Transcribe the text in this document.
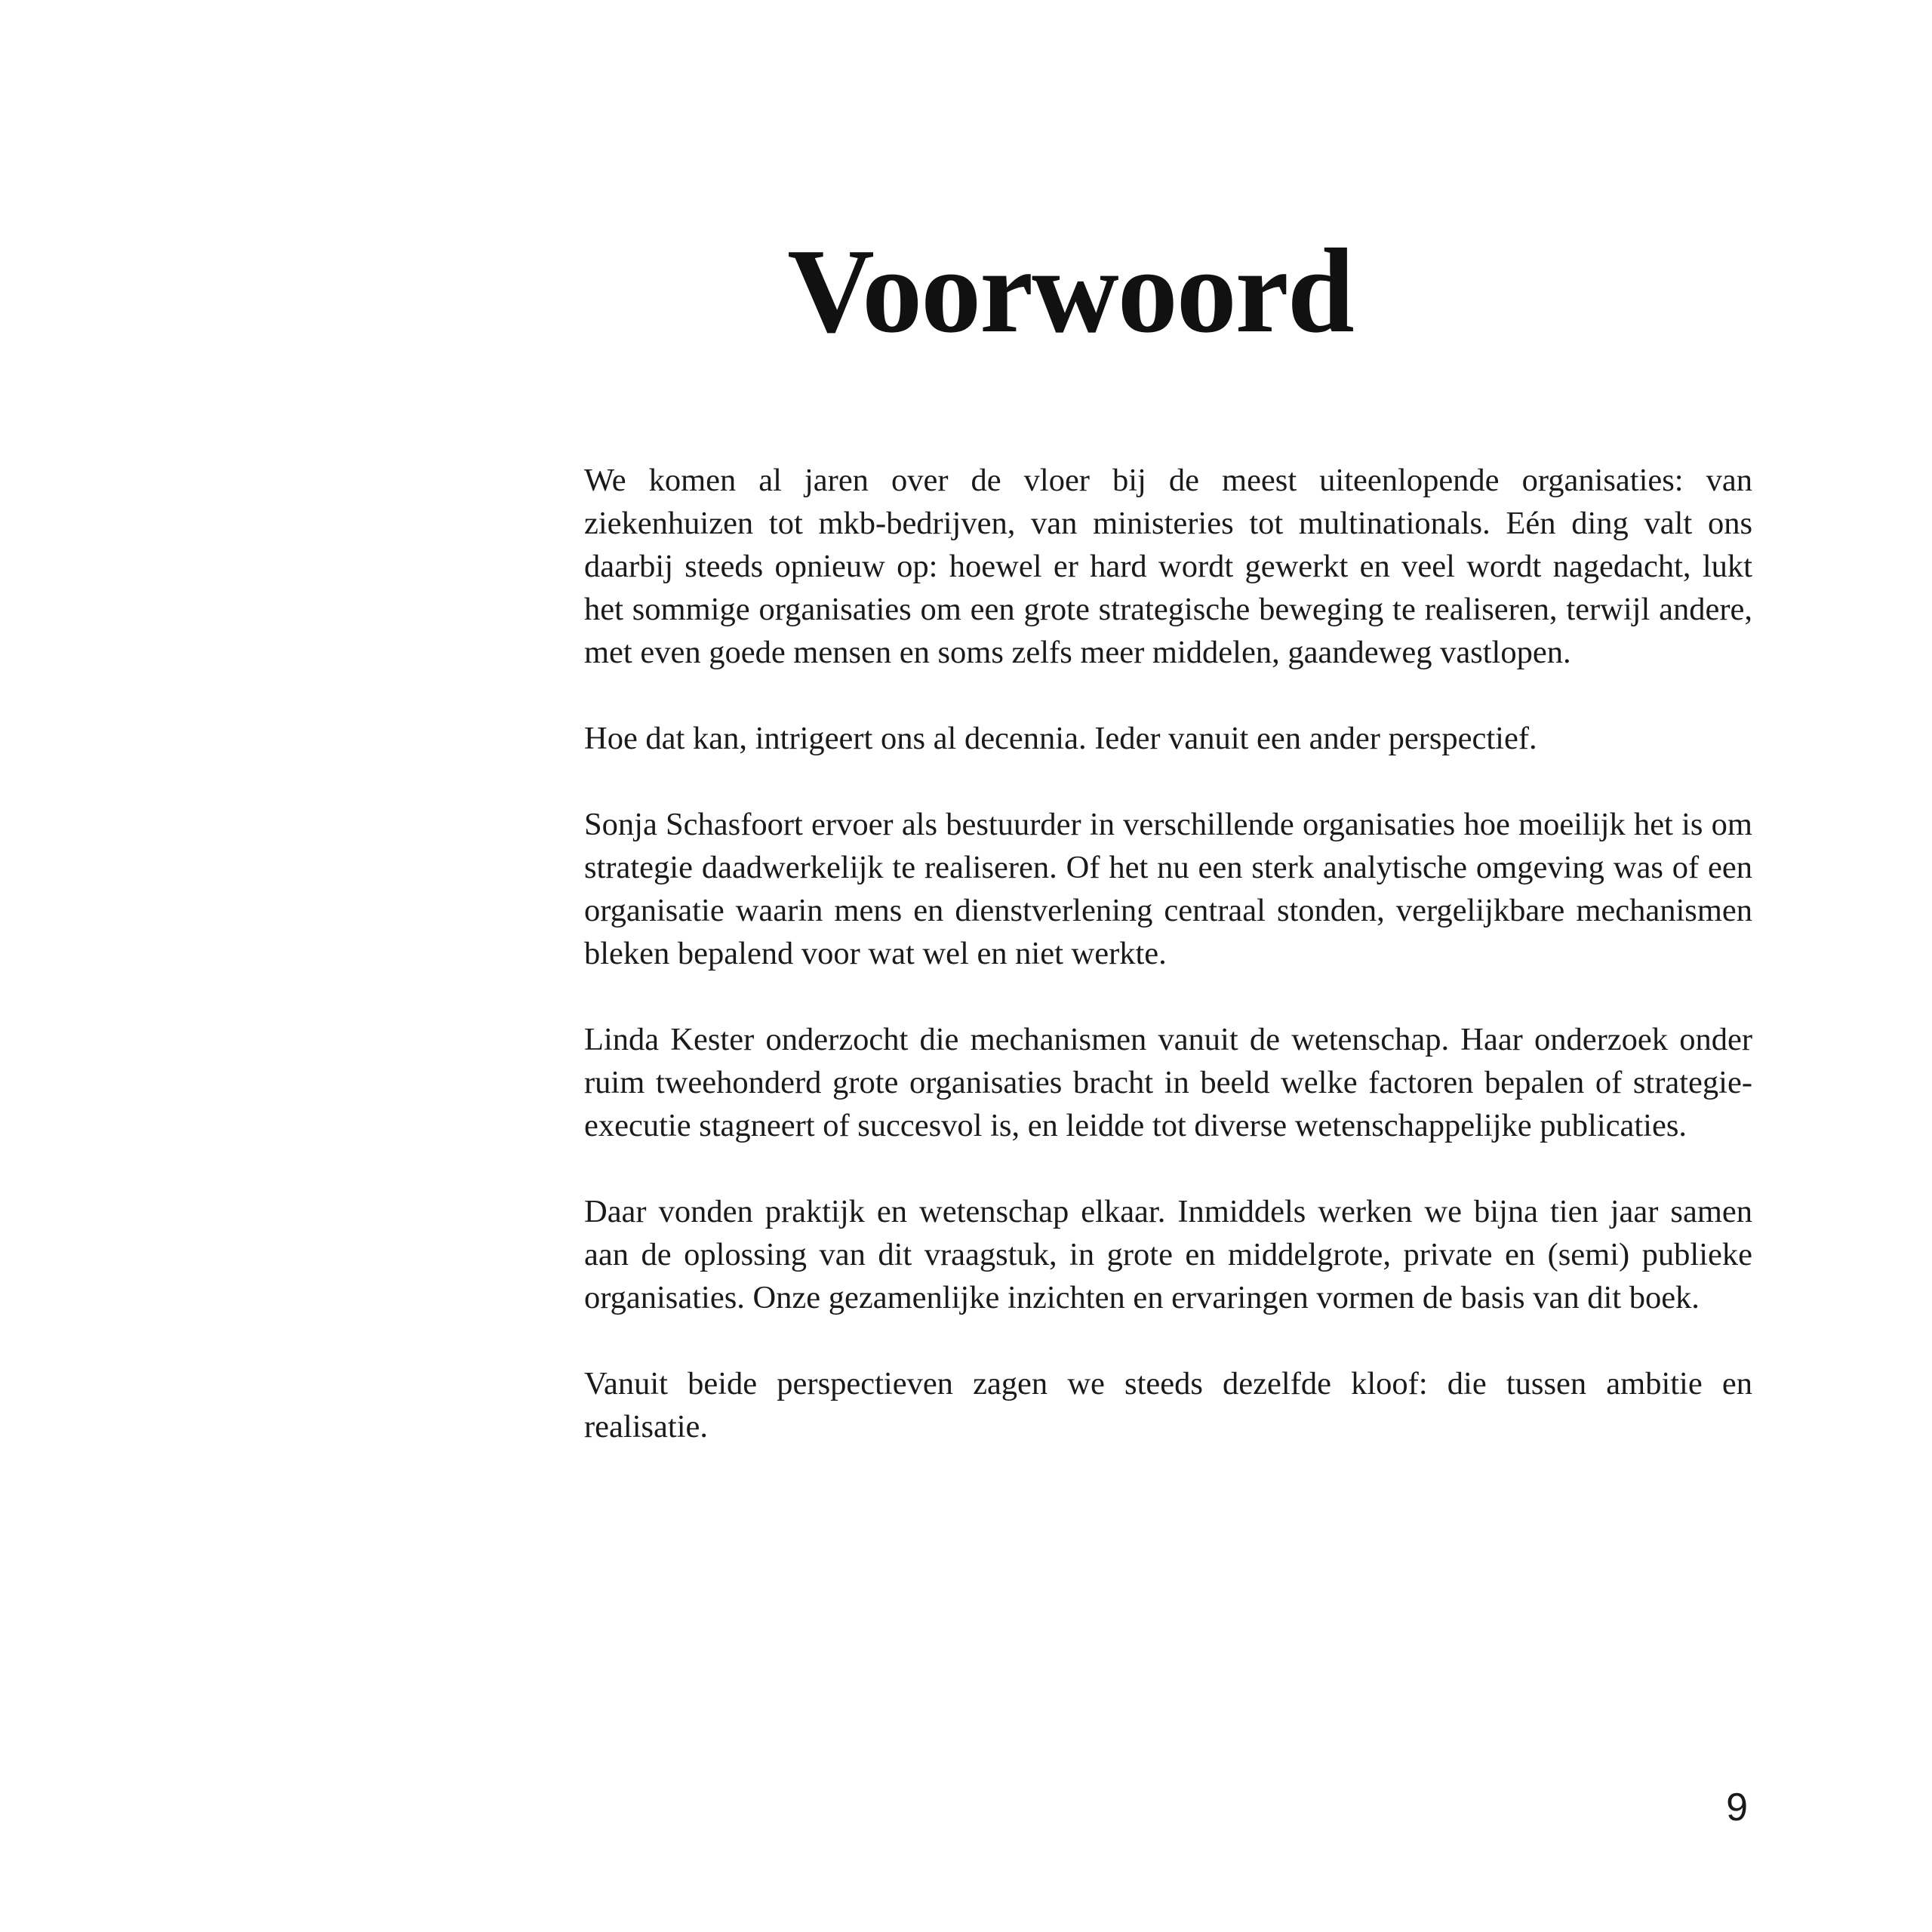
Voorwoord

We komen al jaren over de vloer bij de meest uiteenlopende organisaties: van ziekenhuizen tot mkb-bedrijven, van ministeries tot multinationals. Eén ding valt ons daarbij steeds opnieuw op: hoewel er hard wordt gewerkt en veel wordt nagedacht, lukt het sommige organisaties om een grote strategische beweging te realiseren, terwijl andere, met even goede mensen en soms zelfs meer middelen, gaandeweg vastlopen.

Hoe dat kan, intrigeert ons al decennia. Ieder vanuit een ander perspectief.

Sonja Schasfoort ervoer als bestuurder in verschillende organisaties hoe moeilijk het is om strategie daadwerkelijk te realiseren. Of het nu een sterk analytische omgeving was of een organisatie waarin mens en dienstverlening centraal stonden, vergelijkbare mechanismen bleken bepalend voor wat wel en niet werkte.

Linda Kester onderzocht die mechanismen vanuit de wetenschap. Haar onderzoek onder ruim tweehonderd grote organisaties bracht in beeld welke factoren bepalen of strategie-executie stagneert of succesvol is, en leidde tot diverse wetenschappelijke publicaties.

Daar vonden praktijk en wetenschap elkaar. Inmiddels werken we bijna tien jaar samen aan de oplossing van dit vraagstuk, in grote en middelgrote, private en (semi) publieke organisaties. Onze gezamenlijke inzichten en ervaringen vormen de basis van dit boek.

Vanuit beide perspectieven zagen we steeds dezelfde kloof: die tussen ambitie en realisatie.

9
